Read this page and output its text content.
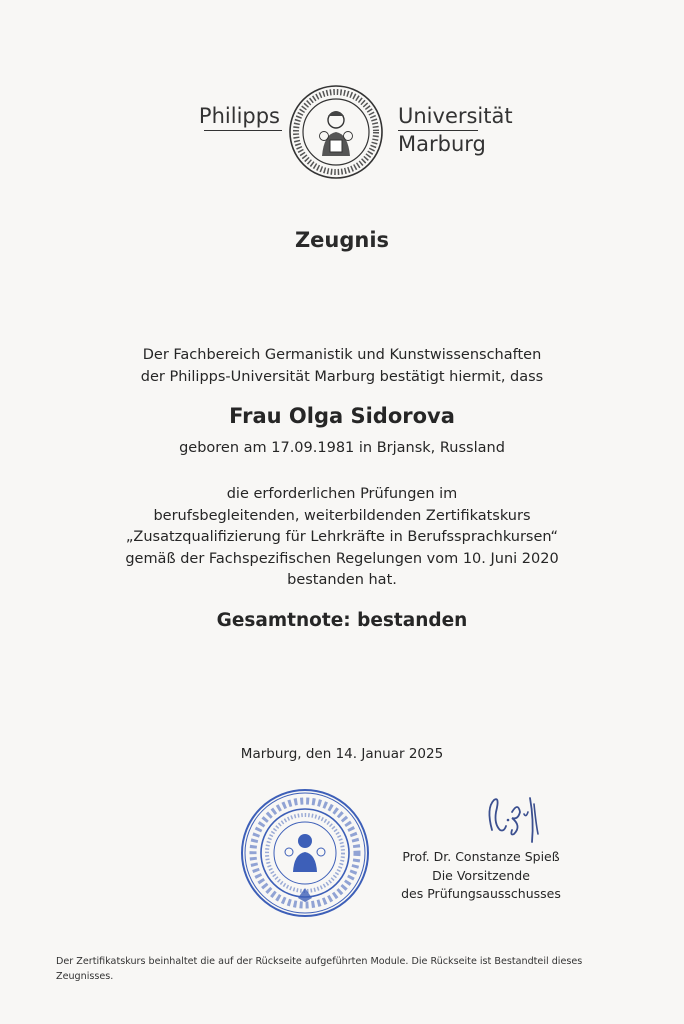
Philipps	Universität
Marburg
Zeugnis
Der Fachbereich Germanistik und Kunstwissenschaften
der Philipps-Universität Marburg bestätigt hiermit, dass
Frau Olga Sidorova
geboren am 17.09.1981 in Brjansk, Russland
die erforderlichen Prüfungen im
berufsbegleitenden, weiterbildenden Zertifikatskurs
„Zusatzqualifizierung für Lehrkräfte in Berufssprachkursen“
gemäß der Fachspezifischen Regelungen vom 10. Juni 2020
bestanden hat.
Gesamtnote: bestanden
Marburg, den 14. Januar 2025
Prof. Dr. Constanze Spieß
Die Vorsitzende
des Prüfungsausschusses
Der Zertifikatskurs beinhaltet die auf der Rückseite aufgeführten Module. Die Rückseite ist Bestandteil dieses
Zeugnisses.
